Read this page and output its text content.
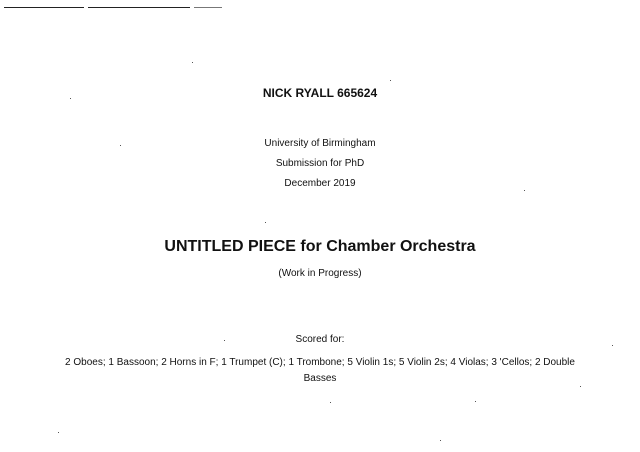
NICK RYALL 665624
University of Birmingham
Submission for PhD
December 2019
UNTITLED PIECE for Chamber Orchestra
(Work in Progress)
Scored for:
2 Oboes; 1 Bassoon; 2 Horns in F; 1 Trumpet (C); 1 Trombone; 5 Violin 1s; 5 Violin 2s; 4 Violas; 3 'Cellos; 2 Double Basses
